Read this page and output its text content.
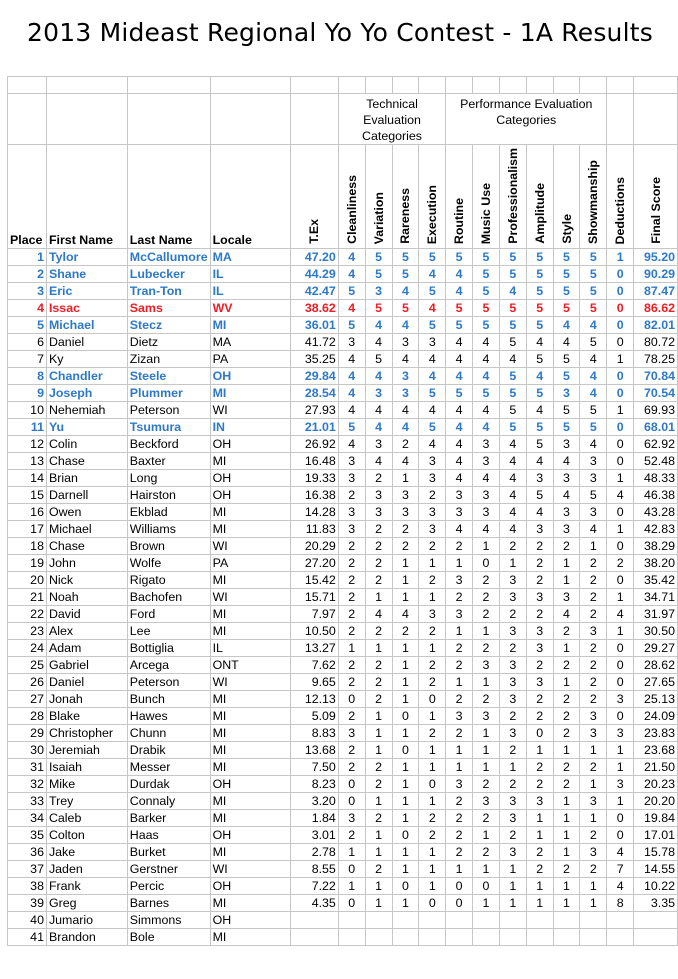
2013 Mideast Regional Yo Yo Contest - 1A Results

					Technical Evaluation Categories				Performance Evaluation Categories							
Place	First Name	Last Name	Locale	T.Ex	Cleanliness	Variation	Rareness	Execution	Routine	Music Use	Professionalism	Amplitude	Style	Showmanship	Deductions	Final Score
1	Tylor	McCallumore	MA	47.20	4	5	5	5	5	5	5	5	5	5	1	95.20
2	Shane	Lubecker	IL	44.29	4	5	5	4	4	5	5	5	5	5	0	90.29
3	Eric	Tran-Ton	IL	42.47	5	3	4	5	4	5	4	5	5	5	0	87.47
4	Issac	Sams	WV	38.62	4	5	5	4	5	5	5	5	5	5	0	86.62
5	Michael	Stecz	MI	36.01	5	4	4	5	5	5	5	5	4	4	0	82.01
6	Daniel	Dietz	MA	41.72	3	4	3	3	4	4	5	4	4	5	0	80.72
7	Ky	Zizan	PA	35.25	4	5	4	4	4	4	4	5	5	4	1	78.25
8	Chandler	Steele	OH	29.84	4	4	3	4	4	4	5	4	5	4	0	70.84
9	Joseph	Plummer	MI	28.54	4	3	3	5	5	5	5	5	3	4	0	70.54
10	Nehemiah	Peterson	WI	27.93	4	4	4	4	4	4	5	4	5	5	1	69.93
11	Yu	Tsumura	IN	21.01	5	4	4	5	4	4	5	5	5	5	0	68.01
12	Colin	Beckford	OH	26.92	4	3	2	4	4	3	4	5	3	4	0	62.92
13	Chase	Baxter	MI	16.48	3	4	4	3	4	3	4	4	4	3	0	52.48
14	Brian	Long	OH	19.33	3	2	1	3	4	4	4	3	3	3	1	48.33
15	Darnell	Hairston	OH	16.38	2	3	3	2	3	3	4	5	4	5	4	46.38
16	Owen	Ekblad	MI	14.28	3	3	3	3	3	3	4	4	3	3	0	43.28
17	Michael	Williams	MI	11.83	3	2	2	3	4	4	4	3	3	4	1	42.83
18	Chase	Brown	WI	20.29	2	2	2	2	2	1	2	2	2	1	0	38.29
19	John	Wolfe	PA	27.20	2	2	1	1	1	0	1	2	1	2	2	38.20
20	Nick	Rigato	MI	15.42	2	2	1	2	3	2	3	2	1	2	0	35.42
21	Noah	Bachofen	WI	15.71	2	1	1	1	2	2	3	3	3	2	1	34.71
22	David	Ford	MI	7.97	2	4	4	3	3	2	2	2	4	2	4	31.97
23	Alex	Lee	MI	10.50	2	2	2	2	1	1	3	3	2	3	1	30.50
24	Adam	Bottiglia	IL	13.27	1	1	1	1	2	2	2	3	1	2	0	29.27
25	Gabriel	Arcega	ONT	7.62	2	2	1	2	2	3	3	2	2	2	0	28.62
26	Daniel	Peterson	WI	9.65	2	2	1	2	1	1	3	3	1	2	0	27.65
27	Jonah	Bunch	MI	12.13	0	2	1	0	2	2	3	2	2	2	3	25.13
28	Blake	Hawes	MI	5.09	2	1	0	1	3	3	2	2	2	3	0	24.09
29	Christopher	Chunn	MI	8.83	3	1	1	2	2	1	3	0	2	3	3	23.83
30	Jeremiah	Drabik	MI	13.68	2	1	0	1	1	1	2	1	1	1	1	23.68
31	Isaiah	Messer	MI	7.50	2	2	1	1	1	1	1	2	2	2	1	21.50
32	Mike	Durdak	OH	8.23	0	2	1	0	3	2	2	2	2	1	3	20.23
33	Trey	Connaly	MI	3.20	0	1	1	1	2	3	3	3	1	3	1	20.20
34	Caleb	Barker	MI	1.84	3	2	1	2	2	2	3	1	1	1	0	19.84
35	Colton	Haas	OH	3.01	2	1	0	2	2	1	2	1	1	2	0	17.01
36	Jake	Burket	MI	2.78	1	1	1	1	2	2	3	2	1	3	4	15.78
37	Jaden	Gerstner	WI	8.55	0	2	1	1	1	1	1	2	2	2	7	14.55
38	Frank	Percic	OH	7.22	1	1	0	1	0	0	1	1	1	1	4	10.22
39	Greg	Barnes	MI	4.35	0	1	1	0	0	1	1	1	1	1	8	3.35
40	Jumario	Simmons	OH													
41	Brandon	Bole	MI													
